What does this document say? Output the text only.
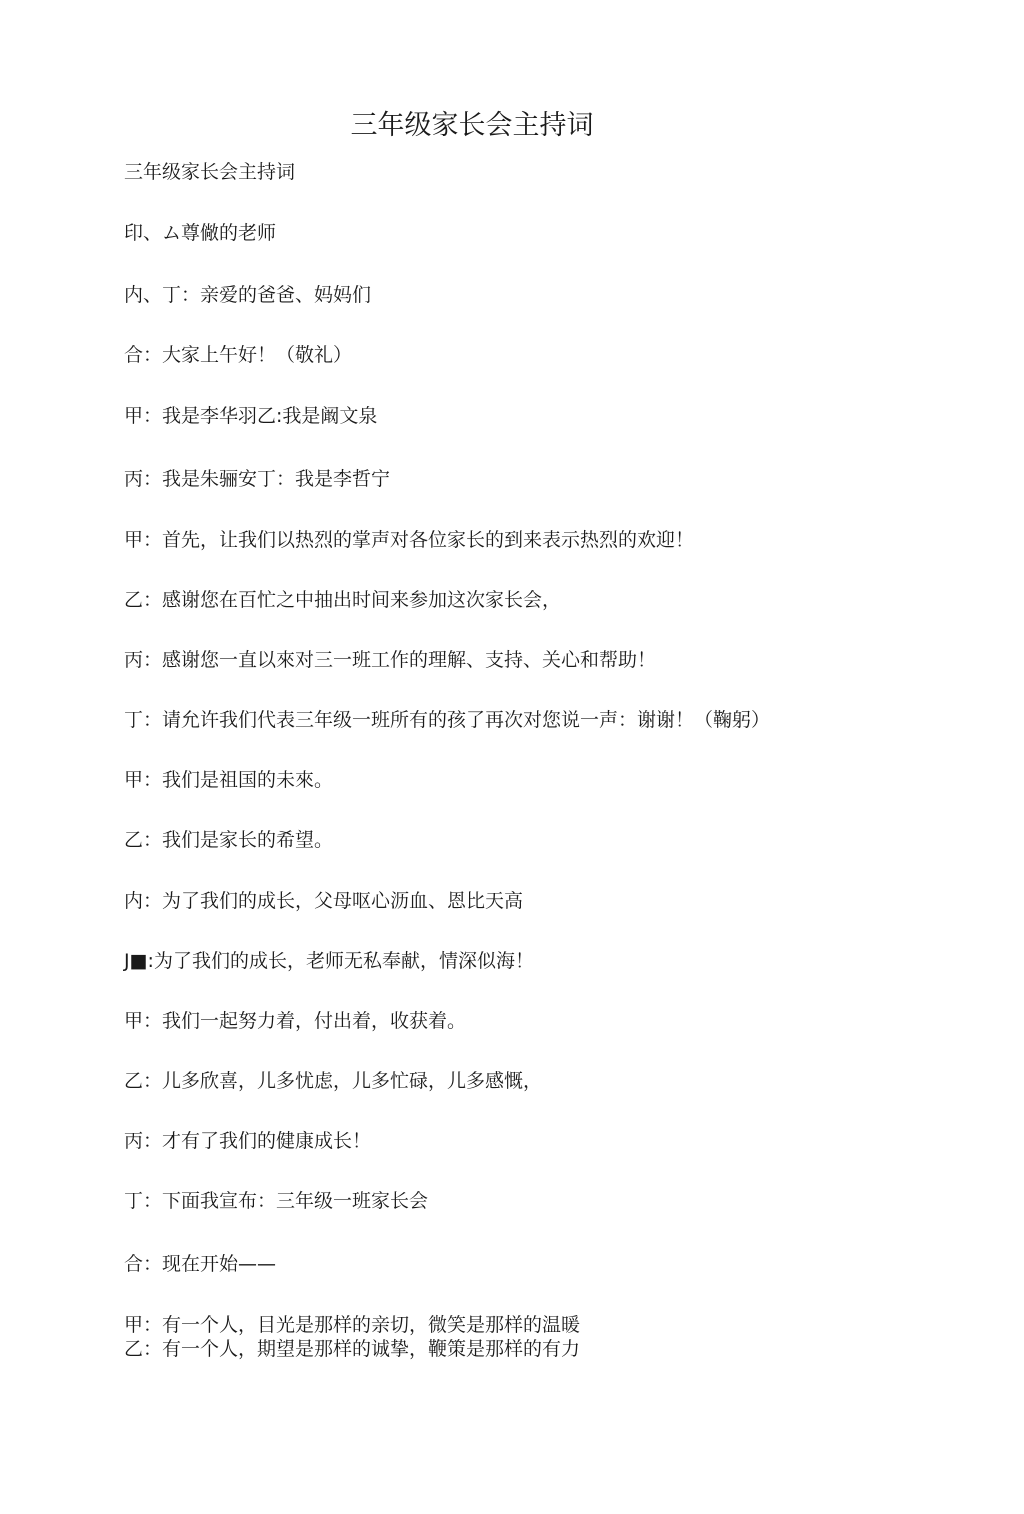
三年级家长会主持词

三年级家长会主持词

印、ム尊僘的老师

内、丁：亲爱的爸爸、妈妈们

合：大家上午好！（敬礼）

甲：我是李华羽乙:我是阚文泉

丙：我是朱骊安丁：我是李哲宁

甲：首先，让我们以热烈的掌声对各位家长的到来表示热烈的欢迎！

乙：感谢您在百忙之中抽出时间来参加这次家长会，

丙：感谢您一直以來对三一班工作的理解、支持、关心和帮助！

丁：请允许我们代表三年级一班所有的孩了再次对您说一声：谢谢！（鞠躬）

甲：我们是祖国的未來。

乙：我们是家长的希望。

内：为了我们的成长，父母呕心沥血、恩比天高

J■:为了我们的成长，老师无私奉献，情深似海！

甲：我们一起努力着，付出着，收获着。

乙：儿多欣喜，儿多忧虑，儿多忙碌，儿多感慨，

丙：才有了我们的健康成长！

丁：下面我宣布：三年级一班家长会

合：现在开始——

甲：有一个人，目光是那样的亲切，微笑是那样的温暖

乙：有一个人，期望是那样的诚挚，鞭策是那样的有力
